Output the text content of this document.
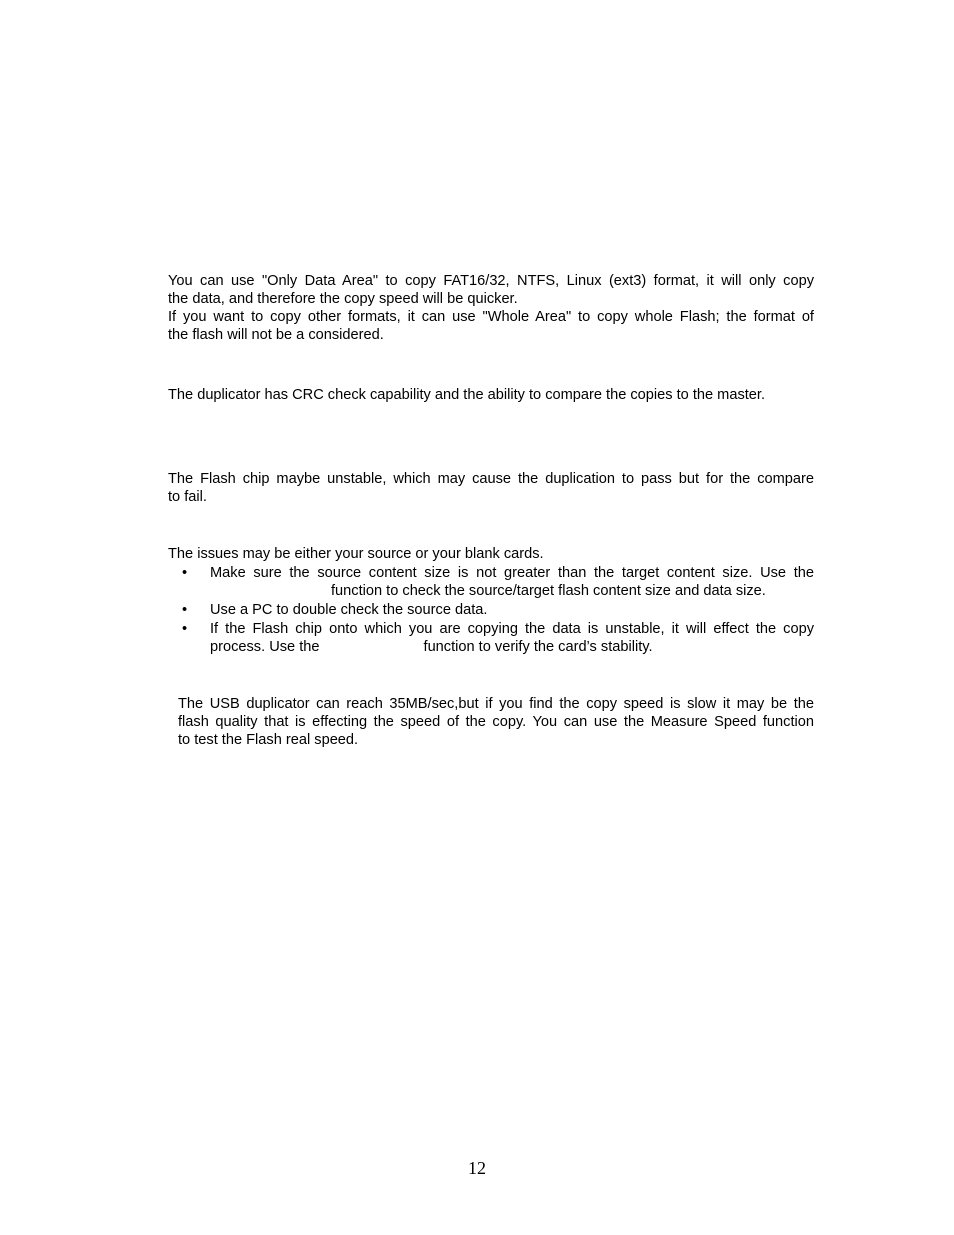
You can use "Only Data Area" to copy FAT16/32, NTFS, Linux (ext3) format, it will only copy
the data, and therefore the copy speed will be quicker.
If you want to copy other formats, it can use "Whole Area" to copy whole Flash; the format of
the flash will not be a considered.
The duplicator has CRC check capability and the ability to compare the copies to the master.
The Flash chip maybe unstable, which may cause the duplication to pass but for the compare
to fail.
The issues may be either your source or your blank cards.
• Make sure the source content size is not greater than the target content size. Use the
function to check the source/target flash content size and data size.
• Use a PC to double check the source data.
• If the Flash chip onto which you are copying the data is unstable, it will effect the copy
process. Use the	function to verify the card’s stability.
The USB duplicator can reach 35MB/sec,but if you find the copy speed is slow it may be the
flash quality that is effecting the speed of the copy. You can use the Measure Speed function
to test the Flash real speed.
12
